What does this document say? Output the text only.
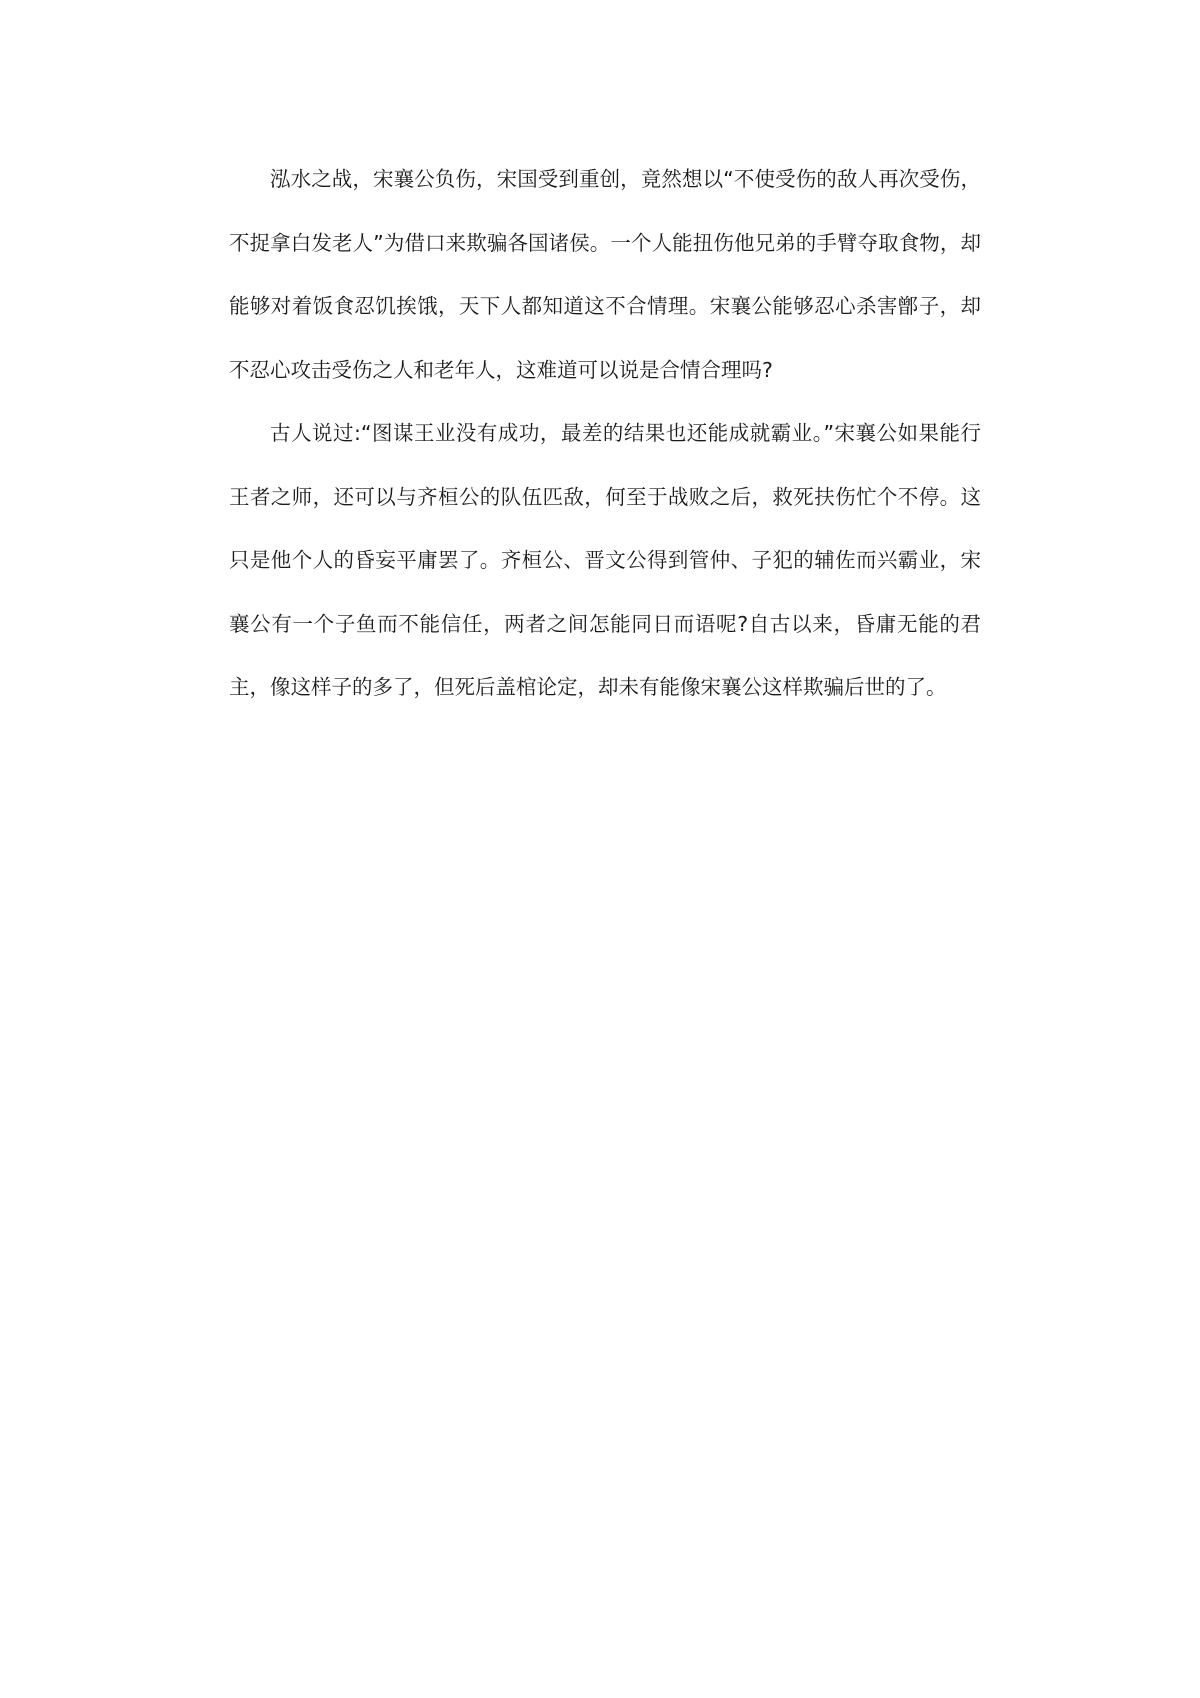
泓水之战，宋襄公负伤，宋国受到重创，竟然想以“不使受伤的敌人再次受伤，不捉拿白发老人”为借口来欺骗各国诸侯。一个人能扭伤他兄弟的手臂夺取食物，却能够对着饭食忍饥挨饿，天下人都知道这不合情理。宋襄公能够忍心杀害鄫子，却不忍心攻击受伤之人和老年人，这难道可以说是合情合理吗?

古人说过:“图谋王业没有成功，最差的结果也还能成就霸业。”宋襄公如果能行王者之师，还可以与齐桓公的队伍匹敌，何至于战败之后，救死扶伤忙个不停。这只是他个人的昏妄平庸罢了。齐桓公、晋文公得到管仲、子犯的辅佐而兴霸业，宋襄公有一个子鱼而不能信任，两者之间怎能同日而语呢?自古以来，昏庸无能的君主，像这样子的多了，但死后盖棺论定，却未有能像宋襄公这样欺骗后世的了。
